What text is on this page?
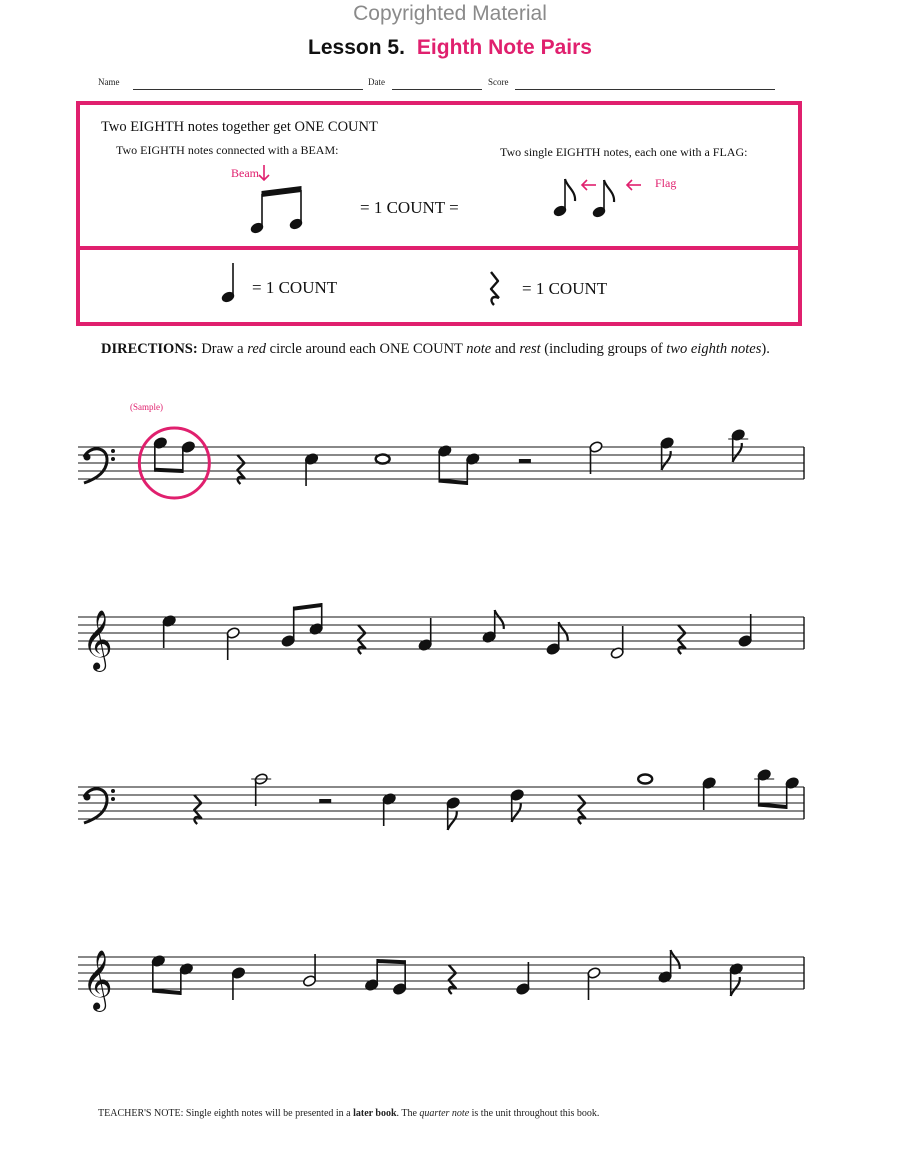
Copyrighted Material
Lesson 5. Eighth Note Pairs
Name	Date	Score
Two EIGHTH notes together get ONE COUNT
Two EIGHTH notes connected with a BEAM:	Two single EIGHTH notes, each one with a FLAG:
Beam
Flag
= 1 COUNT =
= 1 COUNT	= 1 COUNT
DIRECTIONS: Draw a red circle around each ONE COUNT note and rest (including groups of two eighth notes).
(Sample)
𝄞
𝄞
TEACHER'S NOTE: Single eighth notes will be presented in a later book. The quarter note is the unit throughout this book.
